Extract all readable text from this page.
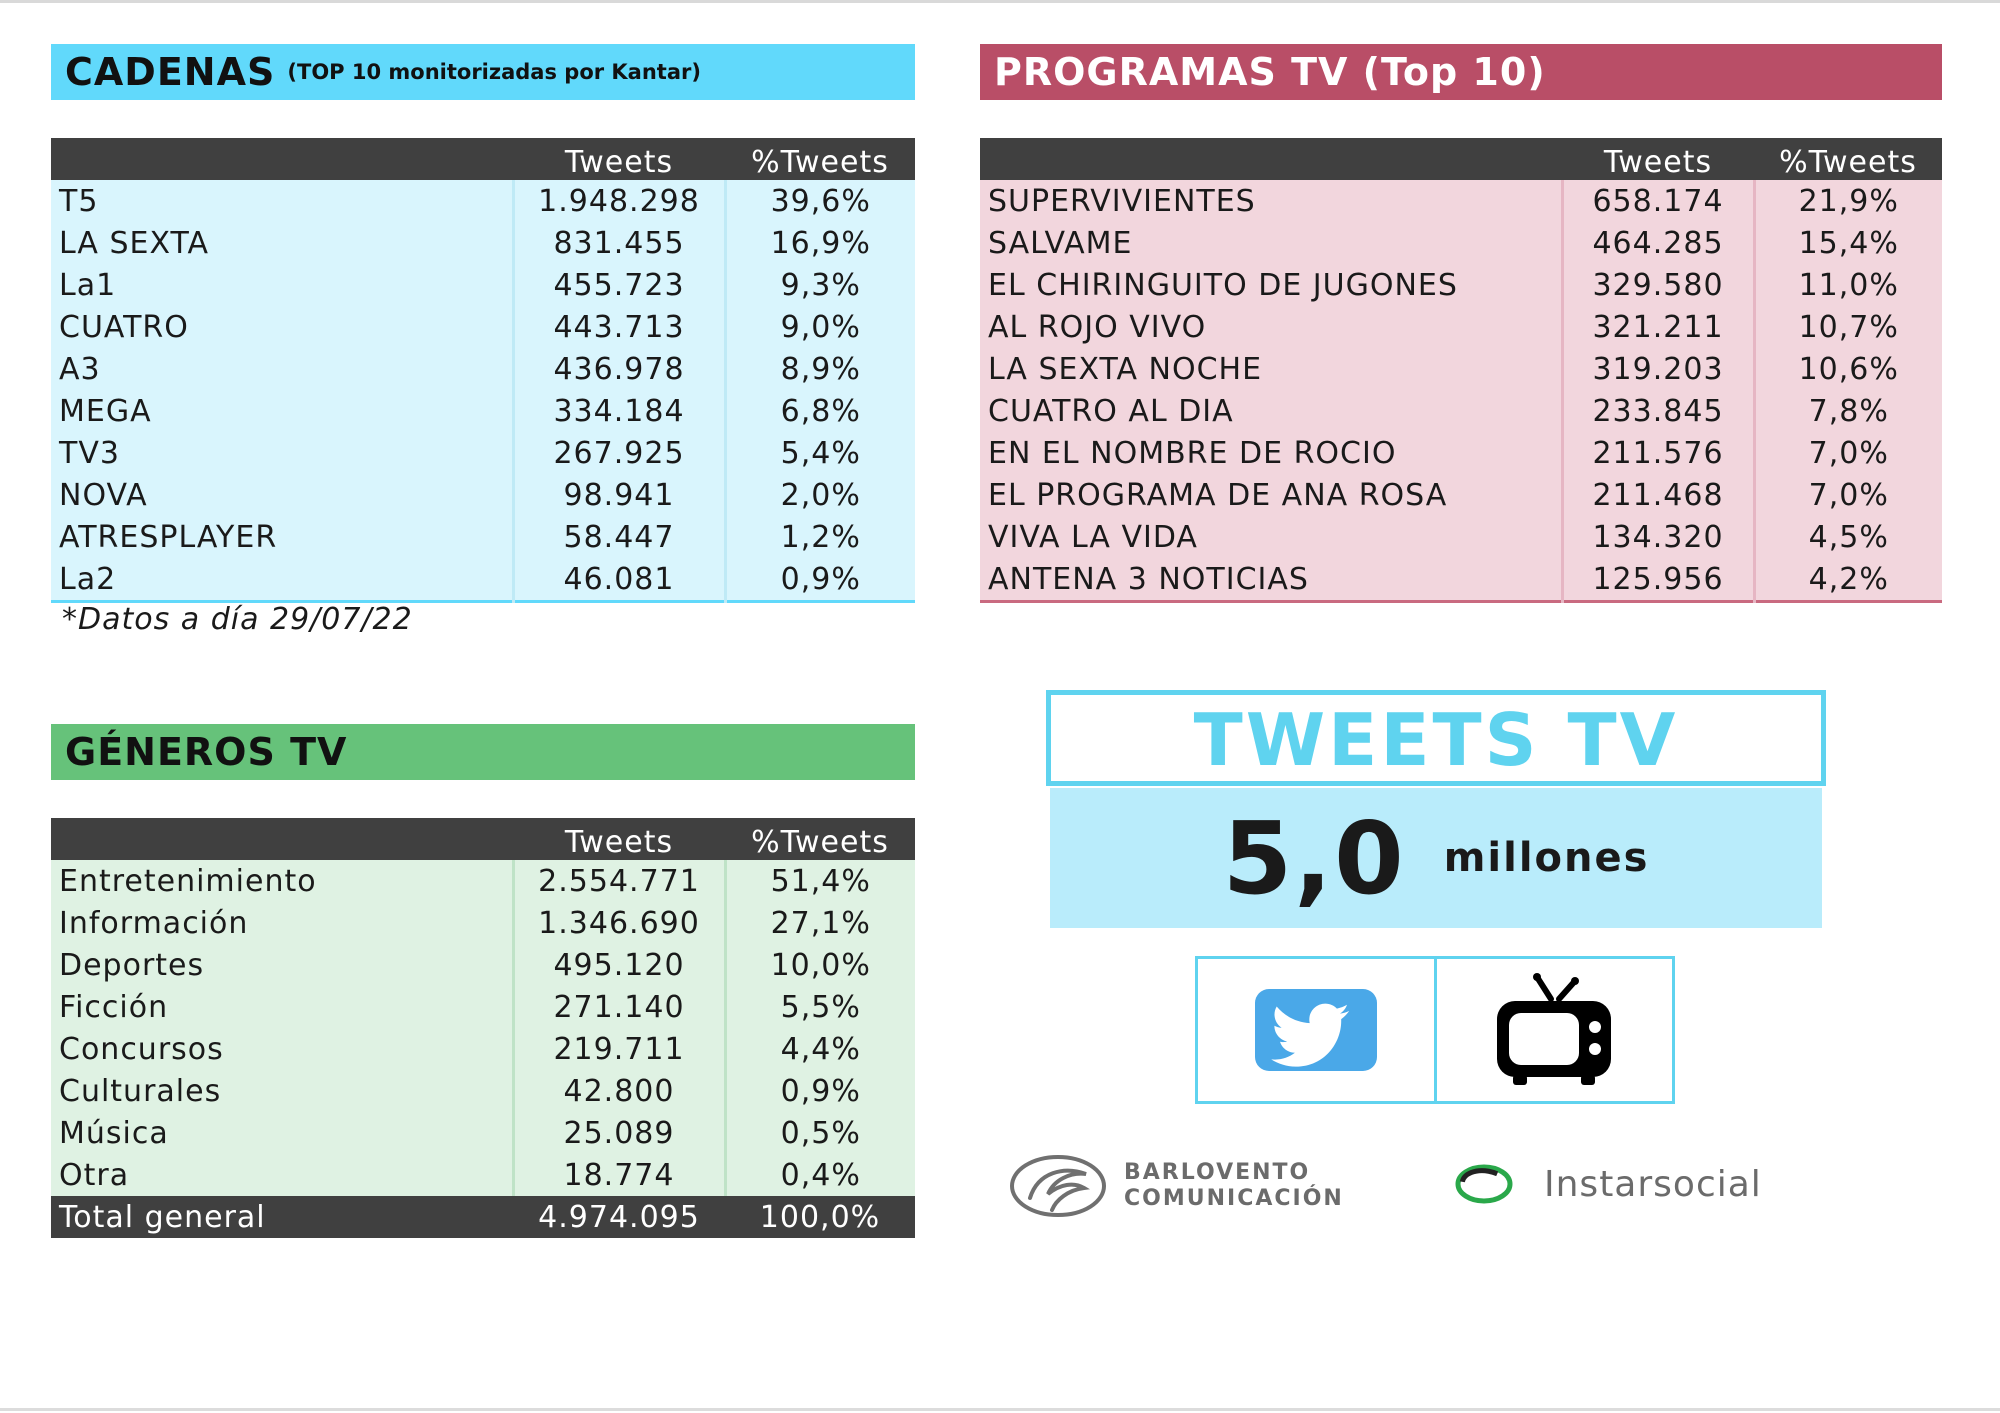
CADENAS (TOP 10 monitorizadas por Kantar)
	Tweets	%Tweets
T5	1.948.298	39,6%
LA SEXTA	831.455	16,9%
La1	455.723	9,3%
CUATRO	443.713	9,0%
A3	436.978	8,9%
MEGA	334.184	6,8%
TV3	267.925	5,4%
NOVA	98.941	2,0%
ATRESPLAYER	58.447	1,2%
La2	46.081	0,9%
*Datos a día 29/07/22
PROGRAMAS TV (Top 10)
	Tweets	%Tweets
SUPERVIVIENTES	658.174	21,9%
SALVAME	464.285	15,4%
EL CHIRINGUITO DE JUGONES	329.580	11,0%
AL ROJO VIVO	321.211	10,7%
LA SEXTA NOCHE	319.203	10,6%
CUATRO AL DIA	233.845	7,8%
EN EL NOMBRE DE ROCIO	211.576	7,0%
EL PROGRAMA DE ANA ROSA	211.468	7,0%
VIVA LA VIDA	134.320	4,5%
ANTENA 3 NOTICIAS	125.956	4,2%
GÉNEROS TV
	Tweets	%Tweets
Entretenimiento	2.554.771	51,4%
Información	1.346.690	27,1%
Deportes	495.120	10,0%
Ficción	271.140	5,5%
Concursos	219.711	4,4%
Culturales	42.800	0,9%
Música	25.089	0,5%
Otra	18.774	0,4%
Total general	4.974.095	100,0%
TWEETS TV
5,0 millones
BARLOVENTO
COMUNICACIÓN	Instarsocial
